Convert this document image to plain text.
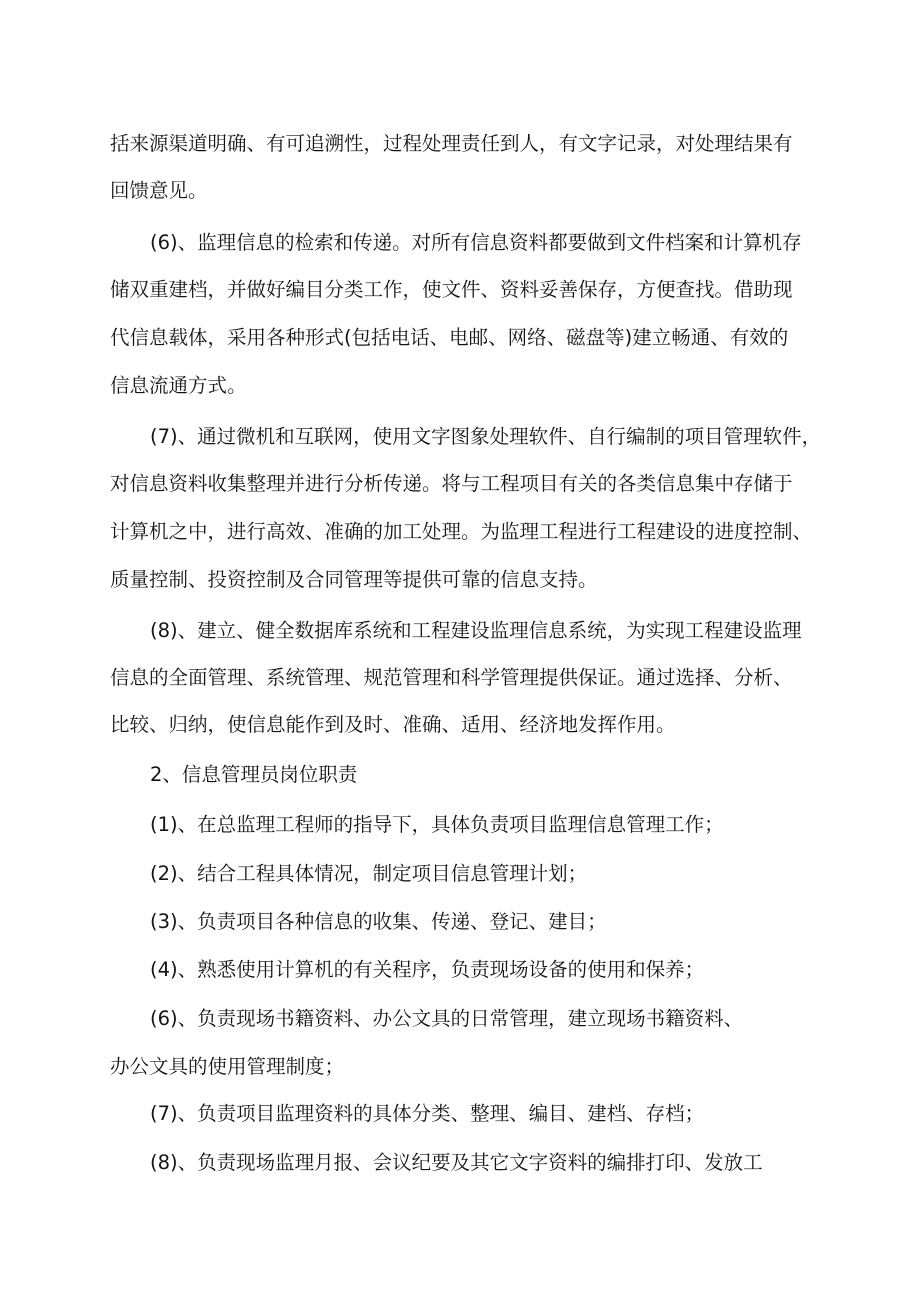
括来源渠道明确、有可追溯性，过程处理责任到人，有文字记录，对处理结果有
回馈意见。
(6)、监理信息的检索和传递。对所有信息资料都要做到文件档案和计算机存
储双重建档，并做好编目分类工作，使文件、资料妥善保存，方便查找。借助现
代信息载体，采用各种形式(包括电话、电邮、网络、磁盘等)建立畅通、有效的
信息流通方式。
(7)、通过微机和互联网，使用文字图象处理软件、自行编制的项目管理软件，
对信息资料收集整理并进行分析传递。将与工程项目有关的各类信息集中存储于
计算机之中，进行高效、准确的加工处理。为监理工程进行工程建设的进度控制、
质量控制、投资控制及合同管理等提供可靠的信息支持。
(8)、建立、健全数据库系统和工程建设监理信息系统，为实现工程建设监理
信息的全面管理、系统管理、规范管理和科学管理提供保证。通过选择、分析、
比较、归纳，使信息能作到及时、准确、适用、经济地发挥作用。
2、信息管理员岗位职责
(1)、在总监理工程师的指导下，具体负责项目监理信息管理工作；
(2)、结合工程具体情况，制定项目信息管理计划；
(3)、负责项目各种信息的收集、传递、登记、建目；
(4)、熟悉使用计算机的有关程序，负责现场设备的使用和保养；
(6)、负责现场书籍资料、办公文具的日常管理，建立现场书籍资料、
办公文具的使用管理制度；
(7)、负责项目监理资料的具体分类、整理、编目、建档、存档；
(8)、负责现场监理月报、会议纪要及其它文字资料的编排打印、发放工
